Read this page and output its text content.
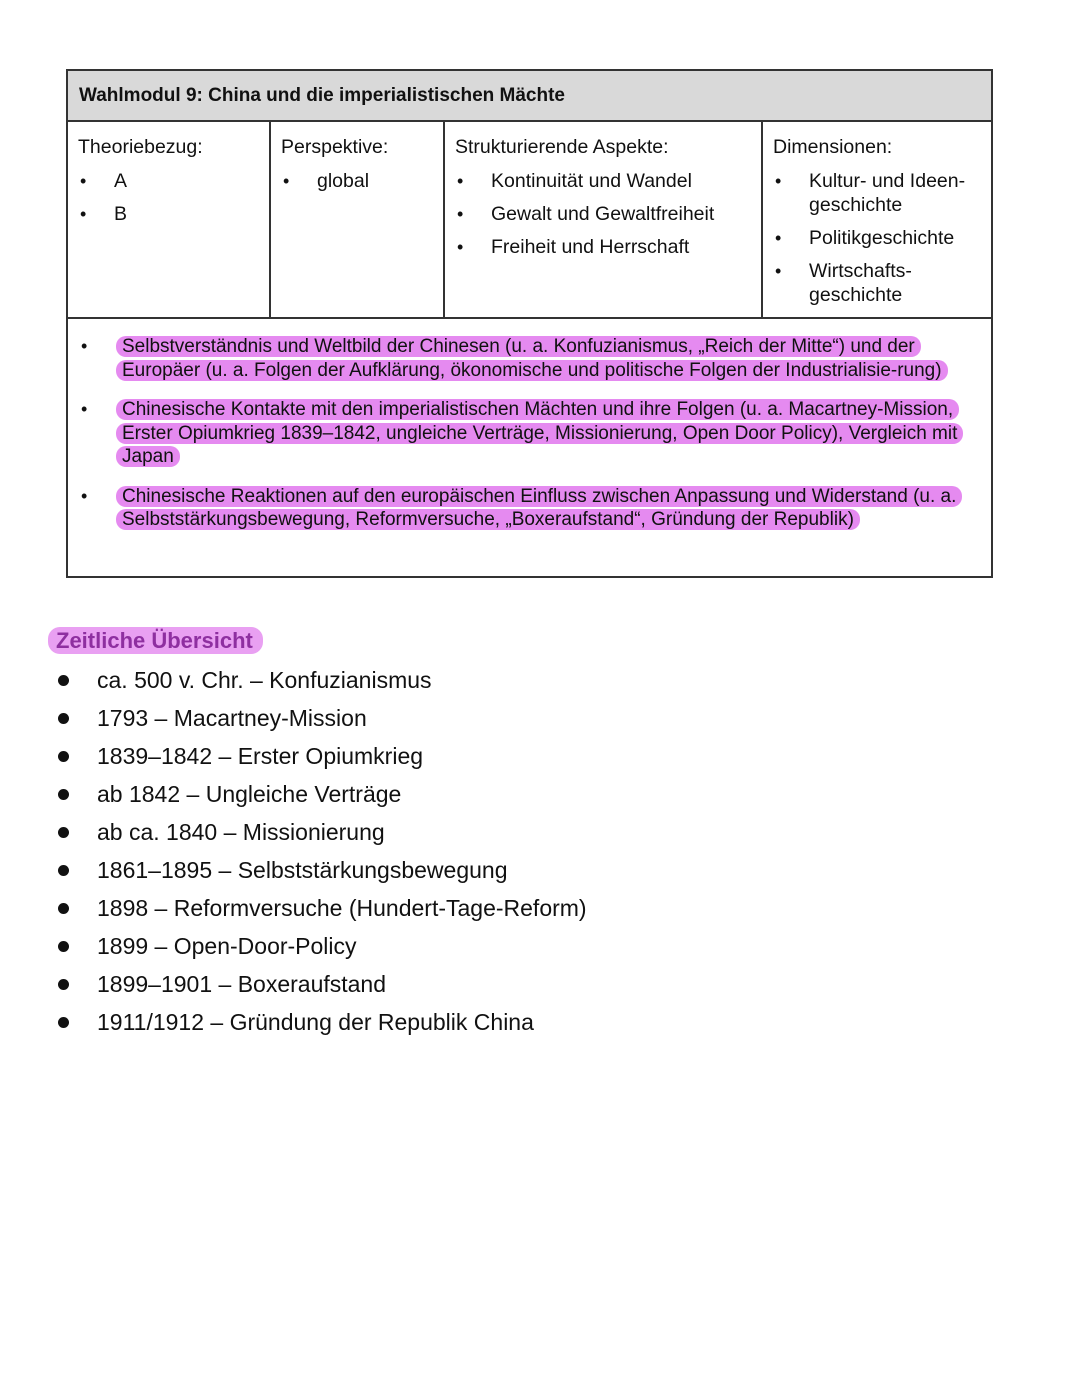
Wahlmodul 9: China und die imperialistischen Mächte
Theoriebezug:
• A
• B
Perspektive:
• global
Strukturierende Aspekte:
• Kontinuität und Wandel
• Gewalt und Gewaltfreiheit
• Freiheit und Herrschaft
Dimensionen:
• Kultur- und Ideen-geschichte
• Politikgeschichte
• Wirtschafts-geschichte
• Selbstverständnis und Weltbild der Chinesen (u. a. Konfuzianismus, „Reich der Mitte“) und der Europäer (u. a. Folgen der Aufklärung, ökonomische und politische Folgen der Industrialisie-rung)
• Chinesische Kontakte mit den imperialistischen Mächten und ihre Folgen (u. a. Macartney-Mission, Erster Opiumkrieg 1839–1842, ungleiche Verträge, Missionierung, Open Door Policy), Vergleich mit Japan
• Chinesische Reaktionen auf den europäischen Einfluss zwischen Anpassung und Widerstand (u. a. Selbststärkungsbewegung, Reformversuche, „Boxeraufstand“, Gründung der Republik)
Zeitliche Übersicht
ca. 500 v. Chr. – Konfuzianismus
1793 – Macartney-Mission
1839–1842 – Erster Opiumkrieg
ab 1842 – Ungleiche Verträge
ab ca. 1840 – Missionierung
1861–1895 – Selbststärkungsbewegung
1898 – Reformversuche (Hundert-Tage-Reform)
1899 – Open-Door-Policy
1899–1901 – Boxeraufstand
1911/1912 – Gründung der Republik China
